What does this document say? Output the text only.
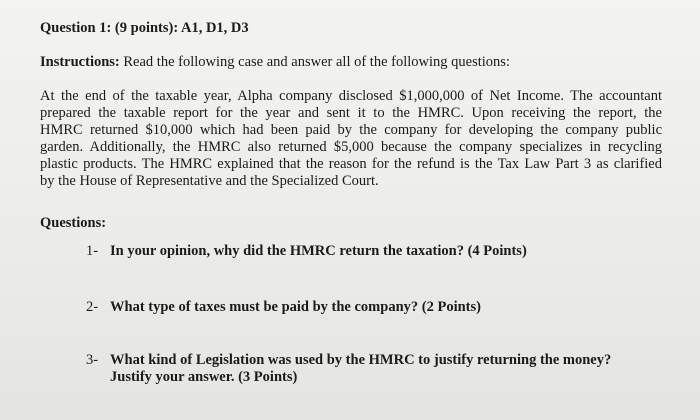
Question 1: (9 points): A1, D1, D3
Instructions: Read the following case and answer all of the following questions:
At the end of the taxable year, Alpha company disclosed $1,000,000 of Net Income. The accountant
prepared the taxable report for the year and sent it to the HMRC. Upon receiving the report, the
HMRC returned $10,000 which had been paid by the company for developing the company public
garden. Additionally, the HMRC also returned $5,000 because the company specializes in recycling
plastic products. The HMRC explained that the reason for the refund is the Tax Law Part 3 as clarified
by the House of Representative and the Specialized Court.
Questions:
1- In your opinion, why did the HMRC return the taxation? (4 Points)
2- What type of taxes must be paid by the company? (2 Points)
3- What kind of Legislation was used by the HMRC to justify returning the money?
Justify your answer. (3 Points)
